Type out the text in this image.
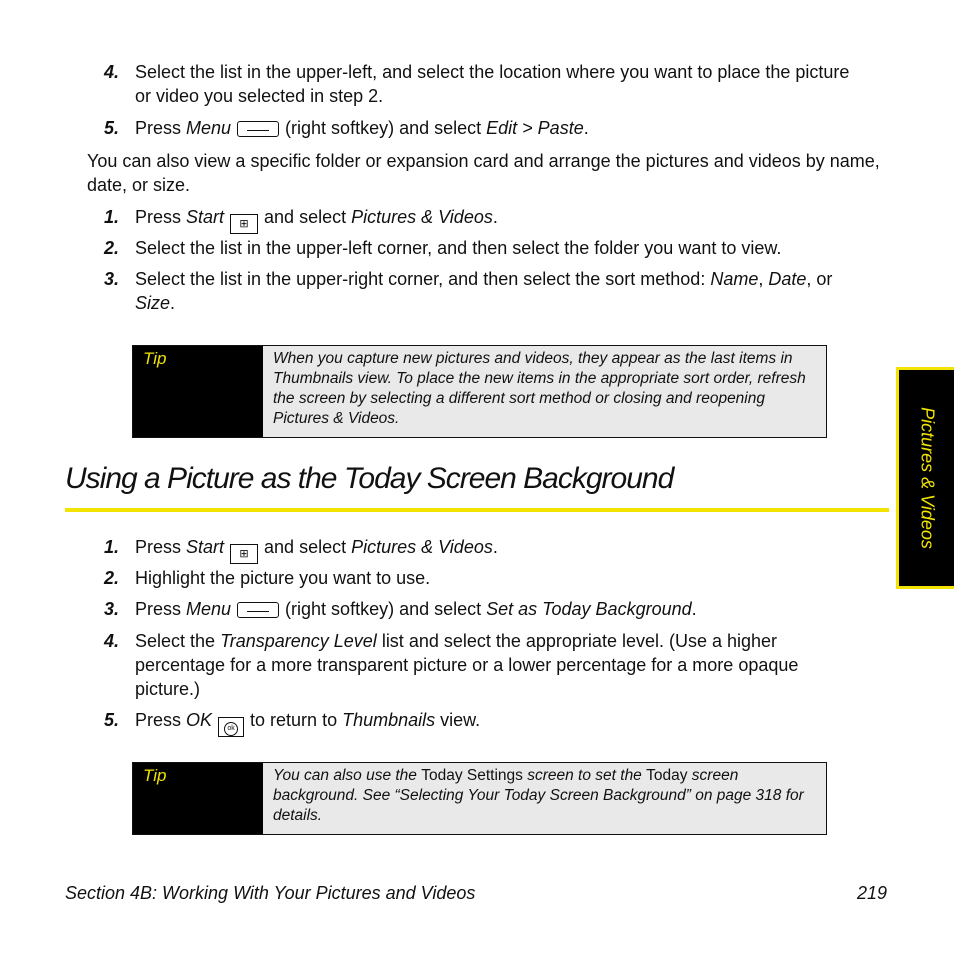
4. Select the list in the upper-left, and select the location where you want to place the picture or video you selected in step 2.
5. Press Menu	(right softkey) and select Edit > Paste.
You can also view a specific folder or expansion card and arrange the pictures and videos by name, date, or size.
1. Press Start ⊞ and select Pictures & Videos.
2. Select the list in the upper-left corner, and then select the folder you want to view.
3. Select the list in the upper-right corner, and then select the sort method: Name, Date, or Size.
Tip	When you capture new pictures and videos, they appear as the last items in Thumbnails view. To place the new items in the appropriate sort order, refresh the screen by selecting a different sort method or closing and reopening Pictures & Videos.
Using a Picture as the Today Screen Background
1. Press Start ⊞ and select Pictures & Videos.
2. Highlight the picture you want to use.
3. Press Menu	(right softkey) and select Set as Today Background.
4. Select the Transparency Level list and select the appropriate level. (Use a higher percentage for a more transparent picture or a lower percentage for a more opaque picture.)
5. Press OK ok to return to Thumbnails view.
Tip	You can also use the Today Settings screen to set the Today screen background. See “Selecting Your Today Screen Background” on page 318 for details.
Pictures & Videos
Section 4B: Working With Your Pictures and Videos	219
